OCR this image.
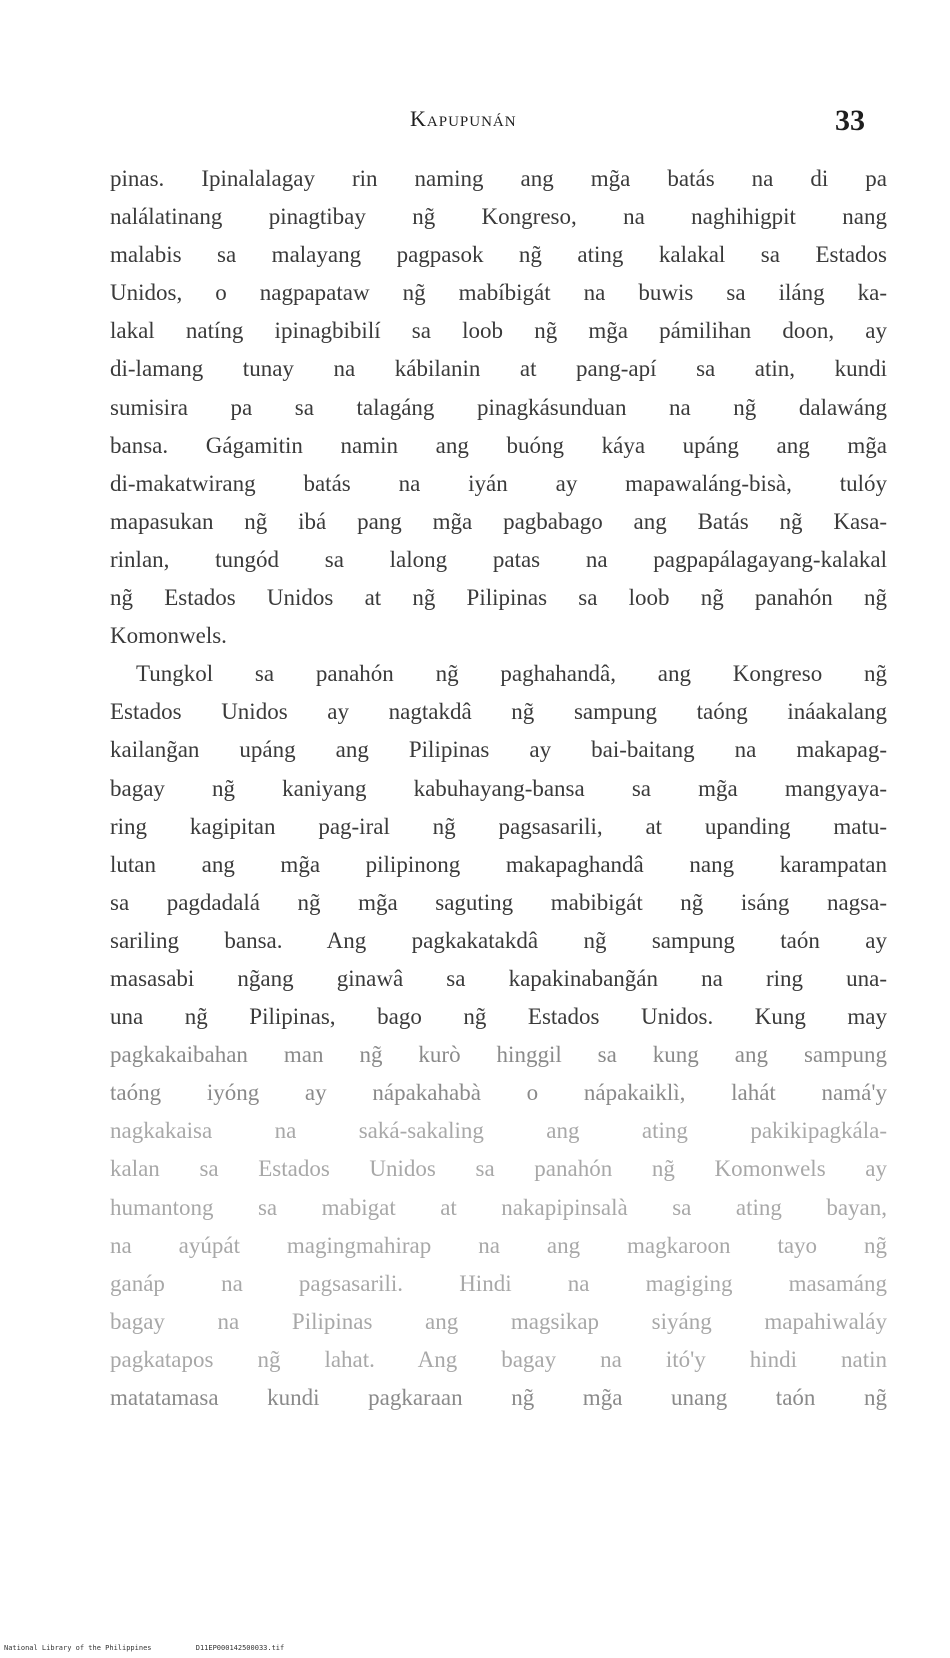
Kapupunán	33
pinas. Ipinalalagay rin naming ang mg̃a batás na di pa
nalálatinang pinagtibay ng̃ Kongreso, na naghihigpit nang
malabis sa malayang pagpasok ng̃ ating kalakal sa Estados
Unidos, o nagpapataw ng̃ mabíbigát na buwis sa iláng ka-
lakal natíng ipinagbibilí sa loob ng̃ mg̃a pámilihan doon, ay
di-lamang tunay na kábilanin at pang-apí sa atin, kundi
sumisira pa sa talagáng pinagkásunduan na ng̃ dalawáng
bansa. Gágamitin namin ang buóng káya upáng ang mg̃a
di-makatwirang batás na iyán ay mapawaláng-bisà, tulóy
mapasukan ng̃ ibá pang mg̃a pagbabago ang Batás ng̃ Kasa-
rinlan, tungód sa lalong patas na pagpapálagayang-kalakal
ng̃ Estados Unidos at ng̃ Pilipinas sa loob ng̃ panahón ng̃
Komonwels.
Tungkol sa panahón ng̃ paghahandâ, ang Kongreso ng̃
Estados Unidos ay nagtakdâ ng̃ sampung taóng ináakalang
kailang̃an upáng ang Pilipinas ay bai-baitang na makapag-
bagay ng̃ kaniyang kabuhayang-bansa sa mg̃a mangyaya-
ring kagipitan pag-iral ng̃ pagsasarili, at upanding matu-
lutan ang mg̃a pilipinong makapaghandâ nang karampatan
sa pagdadalá ng̃ mg̃a saguting mabibigát ng̃ isáng nagsa-
sariling bansa. Ang pagkakatakdâ ng̃ sampung taón ay
masasabi ng̃ang ginawâ sa kapakinabang̃án na ring una-
una ng̃ Pilipinas, bago ng̃ Estados Unidos. Kung may
pagkakaibahan man ng̃ kurò hinggil sa kung ang sampung
taóng iyóng ay nápakahabà o nápakaiklì, lahát namá'y
nagkakaisa na saká-sakaling ang ating pakikipagkála-
kalan sa Estados Unidos sa panahón ng̃ Komonwels ay
humantong sa mabigat at nakapipinsalà sa ating bayan,
na ayúpát magingmahirap na ang magkaroon tayo ng̃
ganáp na pagsasarili. Hindi na magiging masamáng
bagay na Pilipinas ang magsikap siyáng mapahiwaláy
pagkatapos ng̃ lahat. Ang bagay na itó'y hindi natin
matatamasa kundi pagkaraan ng̃ mg̃a unang taón ng̃
National Library of the Philippines	D11EP000142500033.tif
